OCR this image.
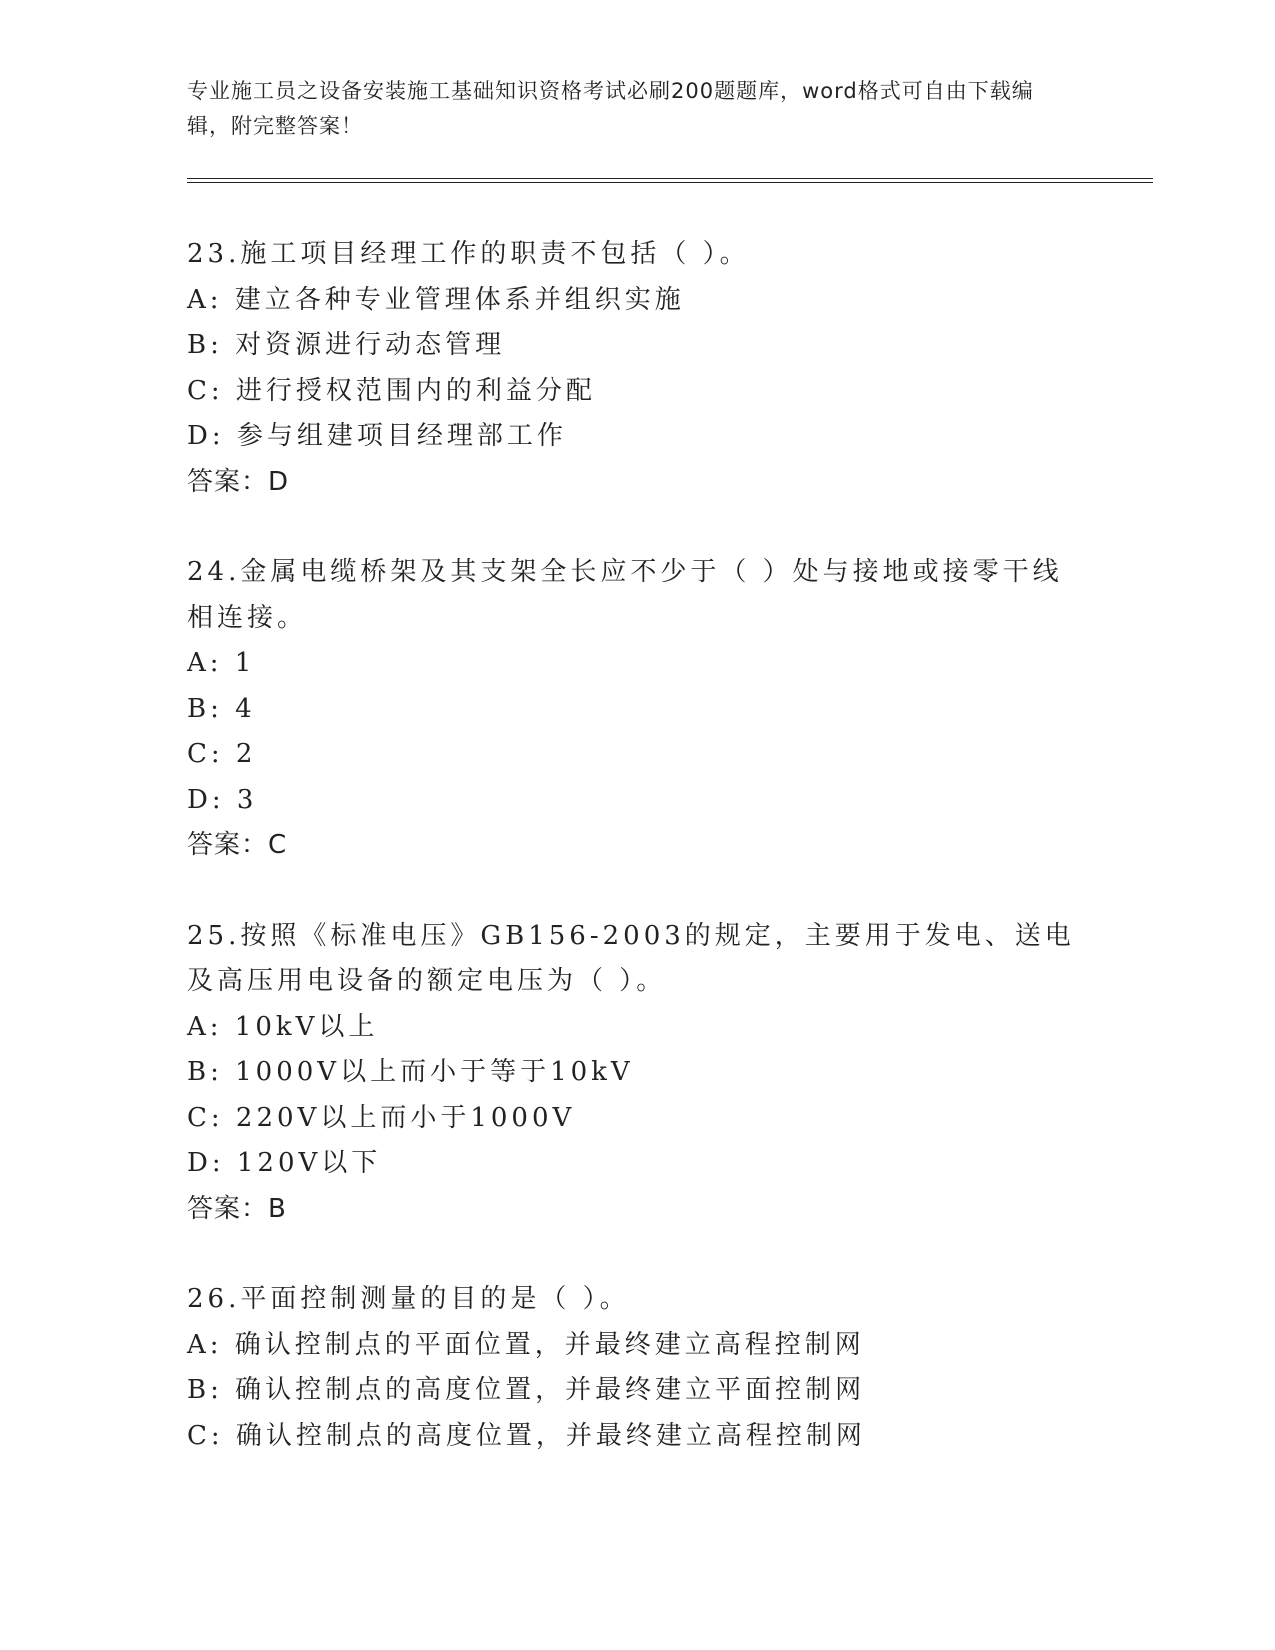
专业施工员之设备安装施工基础知识资格考试必刷200题题库，word格式可自由下载编辑，附完整答案！
23.施工项目经理工作的职责不包括（ ）。
A: 建立各种专业管理体系并组织实施
B: 对资源进行动态管理
C: 进行授权范围内的利益分配
D: 参与组建项目经理部工作
答案：D
24.金属电缆桥架及其支架全长应不少于（ ）处与接地或接零干线相连接。
A: 1
B: 4
C: 2
D: 3
答案：C
25.按照《标准电压》GB156-2003的规定，主要用于发电、送电及高压用电设备的额定电压为（ ）。
A: 10kV以上
B: 1000V以上而小于等于10kV
C: 220V以上而小于1000V
D: 120V以下
答案：B
26.平面控制测量的目的是（ ）。
A: 确认控制点的平面位置，并最终建立高程控制网
B: 确认控制点的高度位置，并最终建立平面控制网
C: 确认控制点的高度位置，并最终建立高程控制网
